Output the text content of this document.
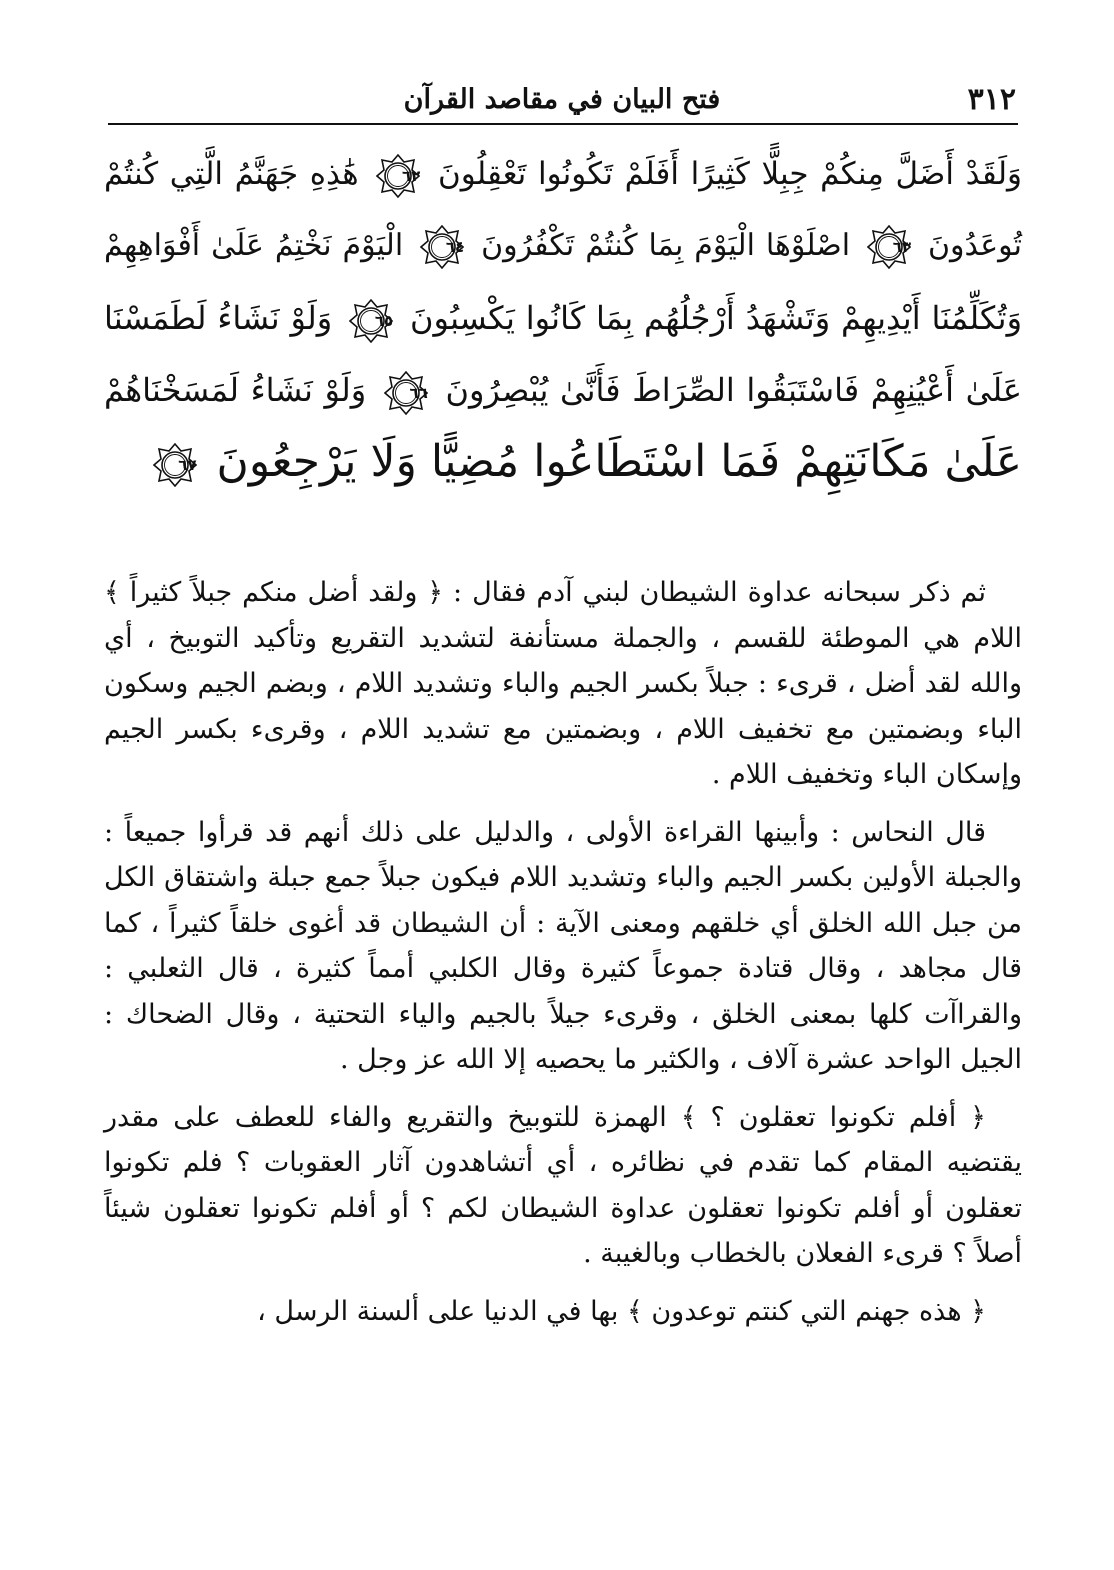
٣١٢
فتح البيان في مقاصد القرآن
وَلَقَدْ أَضَلَّ مِنكُمْ جِبِلًّا كَثِيرًا أَفَلَمْ تَكُونُوا تَعْقِلُونَ
٦٢
هَٰذِهِ جَهَنَّمُ الَّتِي كُنتُمْ
تُوعَدُونَ
٦٣
اصْلَوْهَا الْيَوْمَ بِمَا كُنتُمْ تَكْفُرُونَ
٦٤
الْيَوْمَ نَخْتِمُ عَلَىٰ أَفْوَاهِهِمْ
وَتُكَلِّمُنَا أَيْدِيهِمْ وَتَشْهَدُ أَرْجُلُهُم بِمَا كَانُوا يَكْسِبُونَ
٦٥
وَلَوْ نَشَاءُ لَطَمَسْنَا
عَلَىٰ أَعْيُنِهِمْ فَاسْتَبَقُوا الصِّرَاطَ فَأَنَّىٰ يُبْصِرُونَ
٦٦
وَلَوْ نَشَاءُ لَمَسَخْنَاهُمْ
عَلَىٰ مَكَانَتِهِمْ فَمَا اسْتَطَاعُوا مُضِيًّا وَلَا يَرْجِعُونَ
٦٧

ثم ذكر سبحانه عداوة الشيطان لبني آدم فقال : ﴿ ولقد أضل منكم جبلاً كثيراً ﴾ اللام هي الموطئة للقسم ، والجملة مستأنفة لتشديد التقريع وتأكيد التوبيخ ، أي والله لقد أضل ، قرىء : جبلاً بكسر الجيم والباء وتشديد اللام ، وبضم الجيم وسكون الباء وبضمتين مع تخفيف اللام ، وبضمتين مع تشديد اللام ، وقرىء بكسر الجيم وإسكان الباء وتخفيف اللام .

قال النحاس : وأبينها القراءة الأولى ، والدليل على ذلك أنهم قد قرأوا جميعاً : والجبلة الأولين بكسر الجيم والباء وتشديد اللام فيكون جبلاً جمع جبلة واشتقاق الكل من جبل الله الخلق أي خلقهم ومعنى الآية : أن الشيطان قد أغوى خلقاً كثيراً ، كما قال مجاهد ، وقال قتادة جموعاً كثيرة وقال الكلبي أمماً كثيرة ، قال الثعلبي : والقراآت كلها بمعنى الخلق ، وقرىء جيلاً بالجيم والياء التحتية ، وقال الضحاك : الجيل الواحد عشرة آلاف ، والكثير ما يحصيه إلا الله عز وجل .

﴿ أفلم تكونوا تعقلون ؟ ﴾ الهمزة للتوبيخ والتقريع والفاء للعطف على مقدر يقتضيه المقام كما تقدم في نظائره ، أي أتشاهدون آثار العقوبات ؟ فلم تكونوا تعقلون أو أفلم تكونوا تعقلون عداوة الشيطان لكم ؟ أو أفلم تكونوا تعقلون شيئاً أصلاً ؟ قرىء الفعلان بالخطاب وبالغيبة .

﴿ هذه جهنم التي كنتم توعدون ﴾ بها في الدنيا على ألسنة الرسل ،
